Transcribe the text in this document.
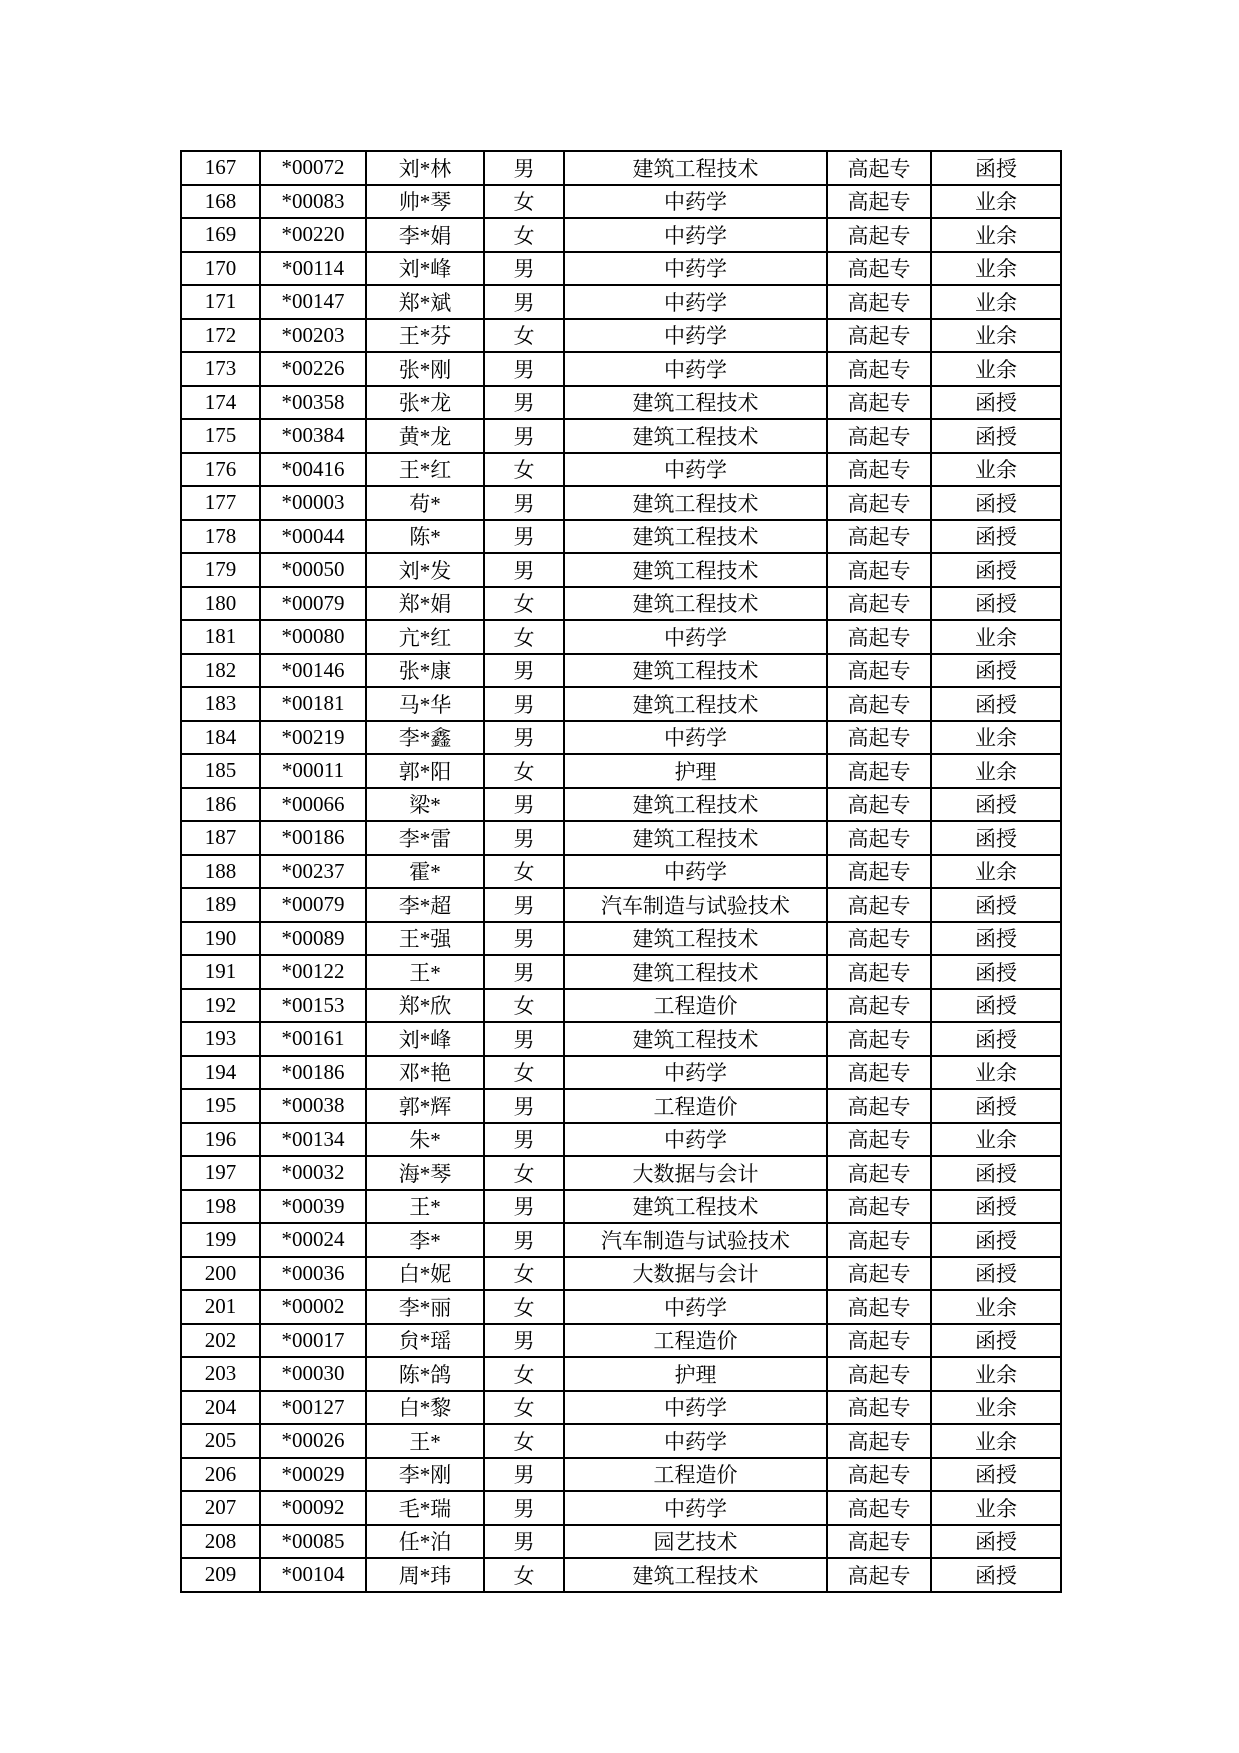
167	*00072	刘*林	男	建筑工程技术	高起专	函授
168	*00083	帅*琴	女	中药学	高起专	业余
169	*00220	李*娟	女	中药学	高起专	业余
170	*00114	刘*峰	男	中药学	高起专	业余
171	*00147	郑*斌	男	中药学	高起专	业余
172	*00203	王*芬	女	中药学	高起专	业余
173	*00226	张*刚	男	中药学	高起专	业余
174	*00358	张*龙	男	建筑工程技术	高起专	函授
175	*00384	黄*龙	男	建筑工程技术	高起专	函授
176	*00416	王*红	女	中药学	高起专	业余
177	*00003	苟*	男	建筑工程技术	高起专	函授
178	*00044	陈*	男	建筑工程技术	高起专	函授
179	*00050	刘*发	男	建筑工程技术	高起专	函授
180	*00079	郑*娟	女	建筑工程技术	高起专	函授
181	*00080	亢*红	女	中药学	高起专	业余
182	*00146	张*康	男	建筑工程技术	高起专	函授
183	*00181	马*华	男	建筑工程技术	高起专	函授
184	*00219	李*鑫	男	中药学	高起专	业余
185	*00011	郭*阳	女	护理	高起专	业余
186	*00066	梁*	男	建筑工程技术	高起专	函授
187	*00186	李*雷	男	建筑工程技术	高起专	函授
188	*00237	霍*	女	中药学	高起专	业余
189	*00079	李*超	男	汽车制造与试验技术	高起专	函授
190	*00089	王*强	男	建筑工程技术	高起专	函授
191	*00122	王*	男	建筑工程技术	高起专	函授
192	*00153	郑*欣	女	工程造价	高起专	函授
193	*00161	刘*峰	男	建筑工程技术	高起专	函授
194	*00186	邓*艳	女	中药学	高起专	业余
195	*00038	郭*辉	男	工程造价	高起专	函授
196	*00134	朱*	男	中药学	高起专	业余
197	*00032	海*琴	女	大数据与会计	高起专	函授
198	*00039	王*	男	建筑工程技术	高起专	函授
199	*00024	李*	男	汽车制造与试验技术	高起专	函授
200	*00036	白*妮	女	大数据与会计	高起专	函授
201	*00002	李*丽	女	中药学	高起专	业余
202	*00017	贠*瑶	男	工程造价	高起专	函授
203	*00030	陈*鸽	女	护理	高起专	业余
204	*00127	白*黎	女	中药学	高起专	业余
205	*00026	王*	女	中药学	高起专	业余
206	*00029	李*刚	男	工程造价	高起专	函授
207	*00092	毛*瑞	男	中药学	高起专	业余
208	*00085	任*泊	男	园艺技术	高起专	函授
209	*00104	周*玮	女	建筑工程技术	高起专	函授
